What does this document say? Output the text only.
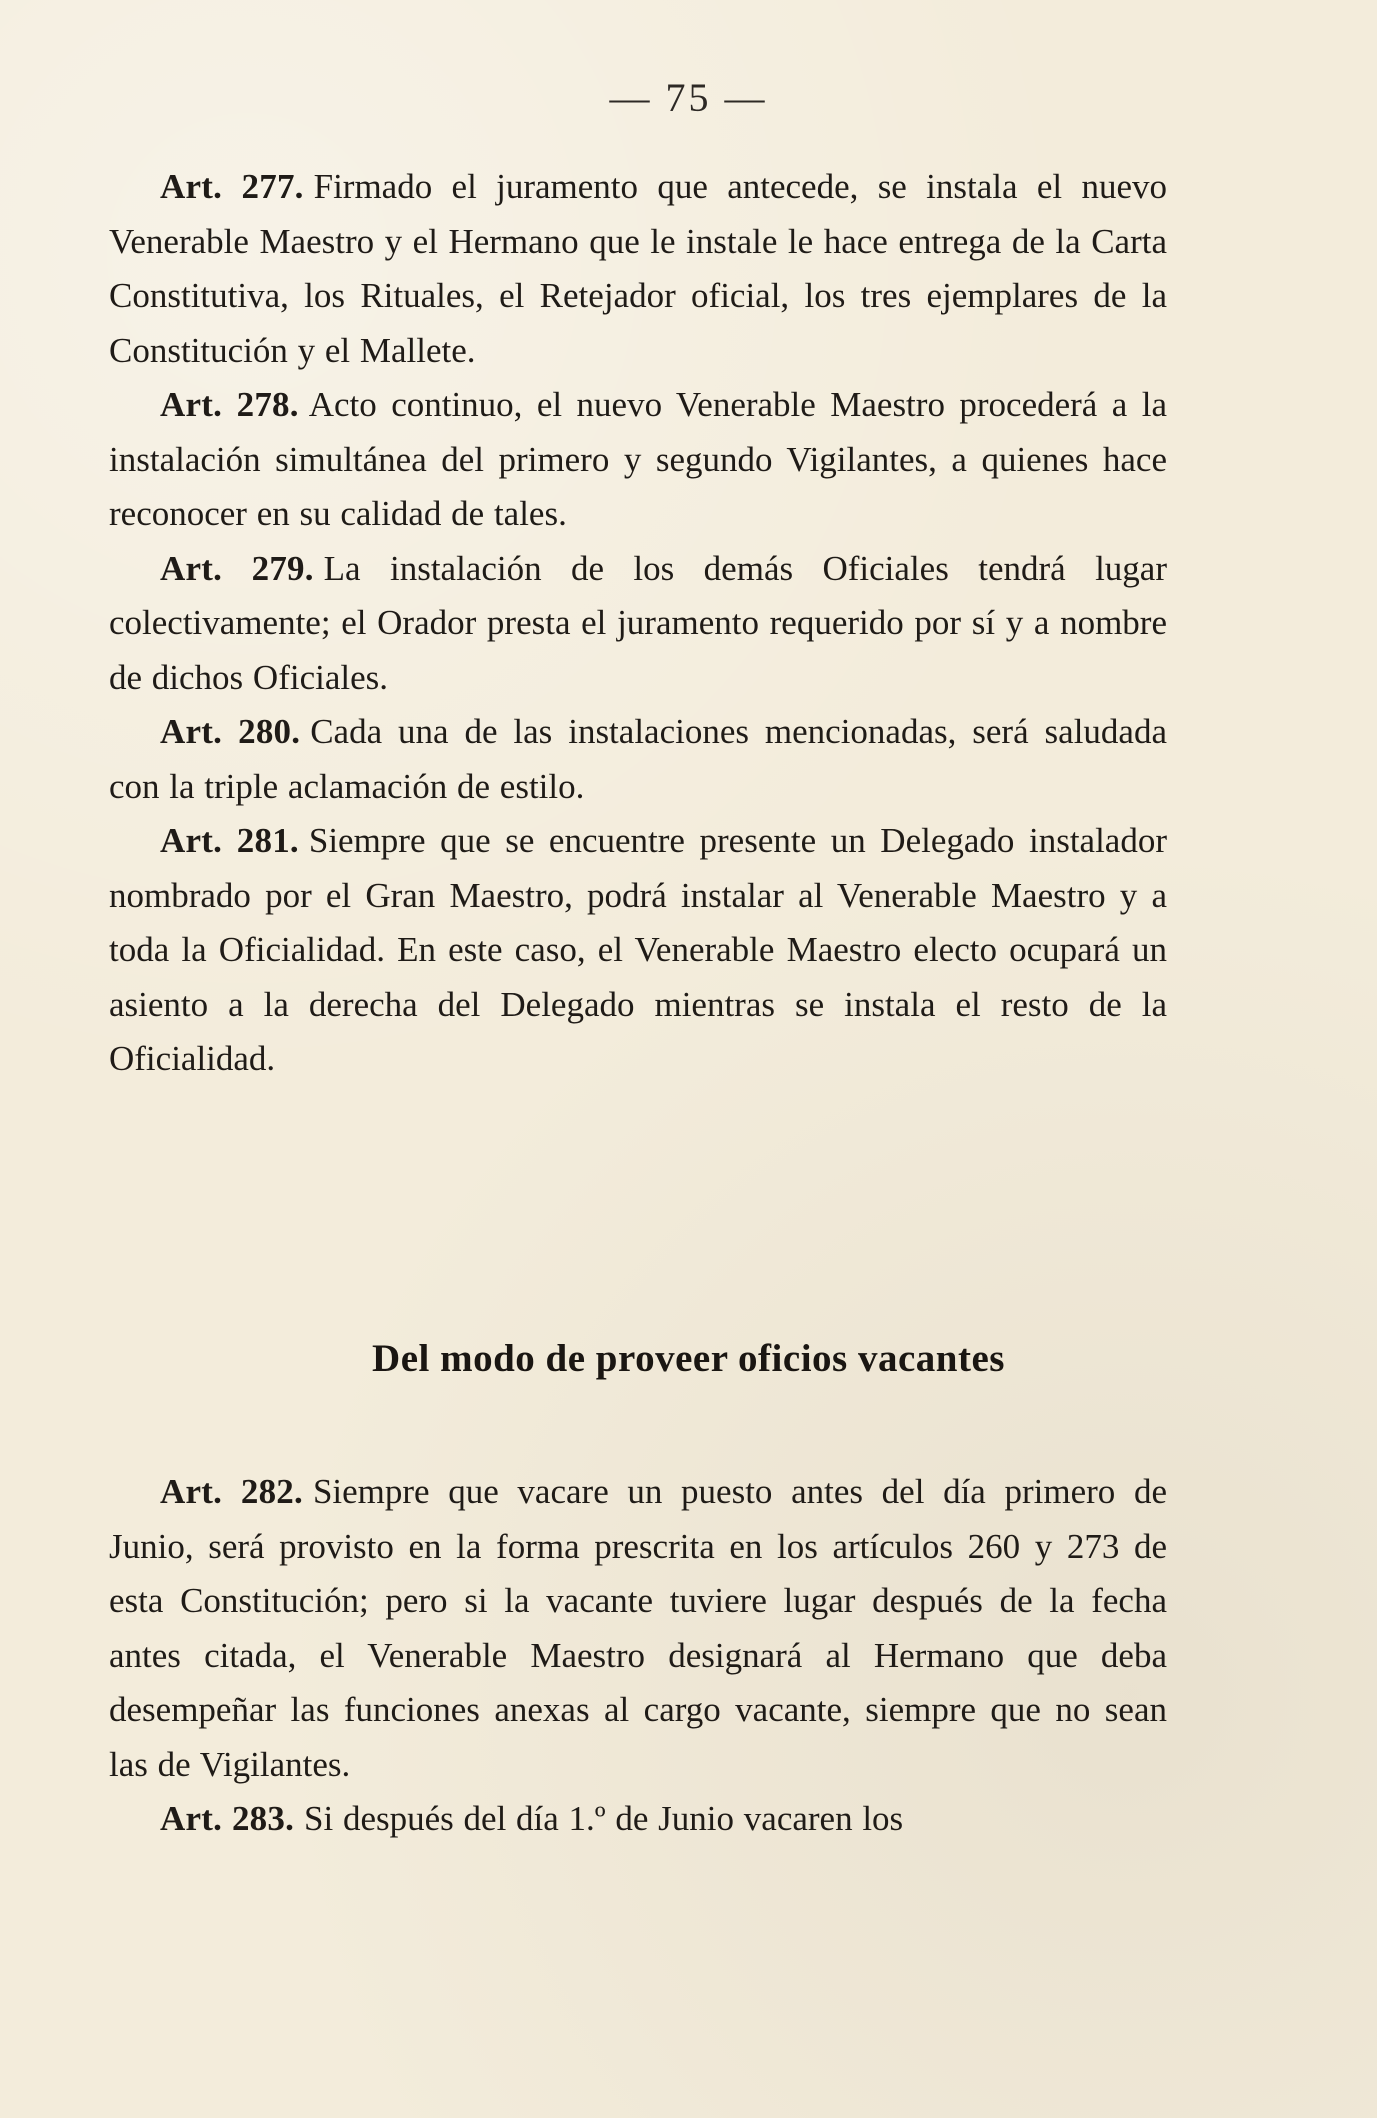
— 75 —

Art. 277. Firmado el juramento que antecede, se instala el nuevo Venerable Maestro y el Hermano que le instale le hace entrega de la Carta Constitutiva, los Rituales, el Retejador oficial, los tres ejemplares de la Constitución y el Mallete.

Art. 278. Acto continuo, el nuevo Venerable Maestro procederá a la instalación simultánea del primero y segundo Vigilantes, a quienes hace reconocer en su calidad de tales.

Art. 279. La instalación de los demás Oficiales tendrá lugar colectivamente; el Orador presta el juramento requerido por sí y a nombre de dichos Oficiales.

Art. 280. Cada una de las instalaciones mencionadas, será saludada con la triple aclamación de estilo.

Art. 281. Siempre que se encuentre presente un Delegado instalador nombrado por el Gran Maestro, podrá instalar al Venerable Maestro y a toda la Oficialidad. En este caso, el Venerable Maestro electo ocupará un asiento a la derecha del Delegado mientras se instala el resto de la Oficialidad.

Del modo de proveer oficios vacantes

Art. 282. Siempre que vacare un puesto antes del día primero de Junio, será provisto en la forma prescrita en los artículos 260 y 273 de esta Constitución; pero si la vacante tuviere lugar después de la fecha antes citada, el Venerable Maestro designará al Hermano que deba desempeñar las funciones anexas al cargo vacante, siempre que no sean las de Vigilantes.

Art. 283. Si después del día 1.º de Junio vacaren los
